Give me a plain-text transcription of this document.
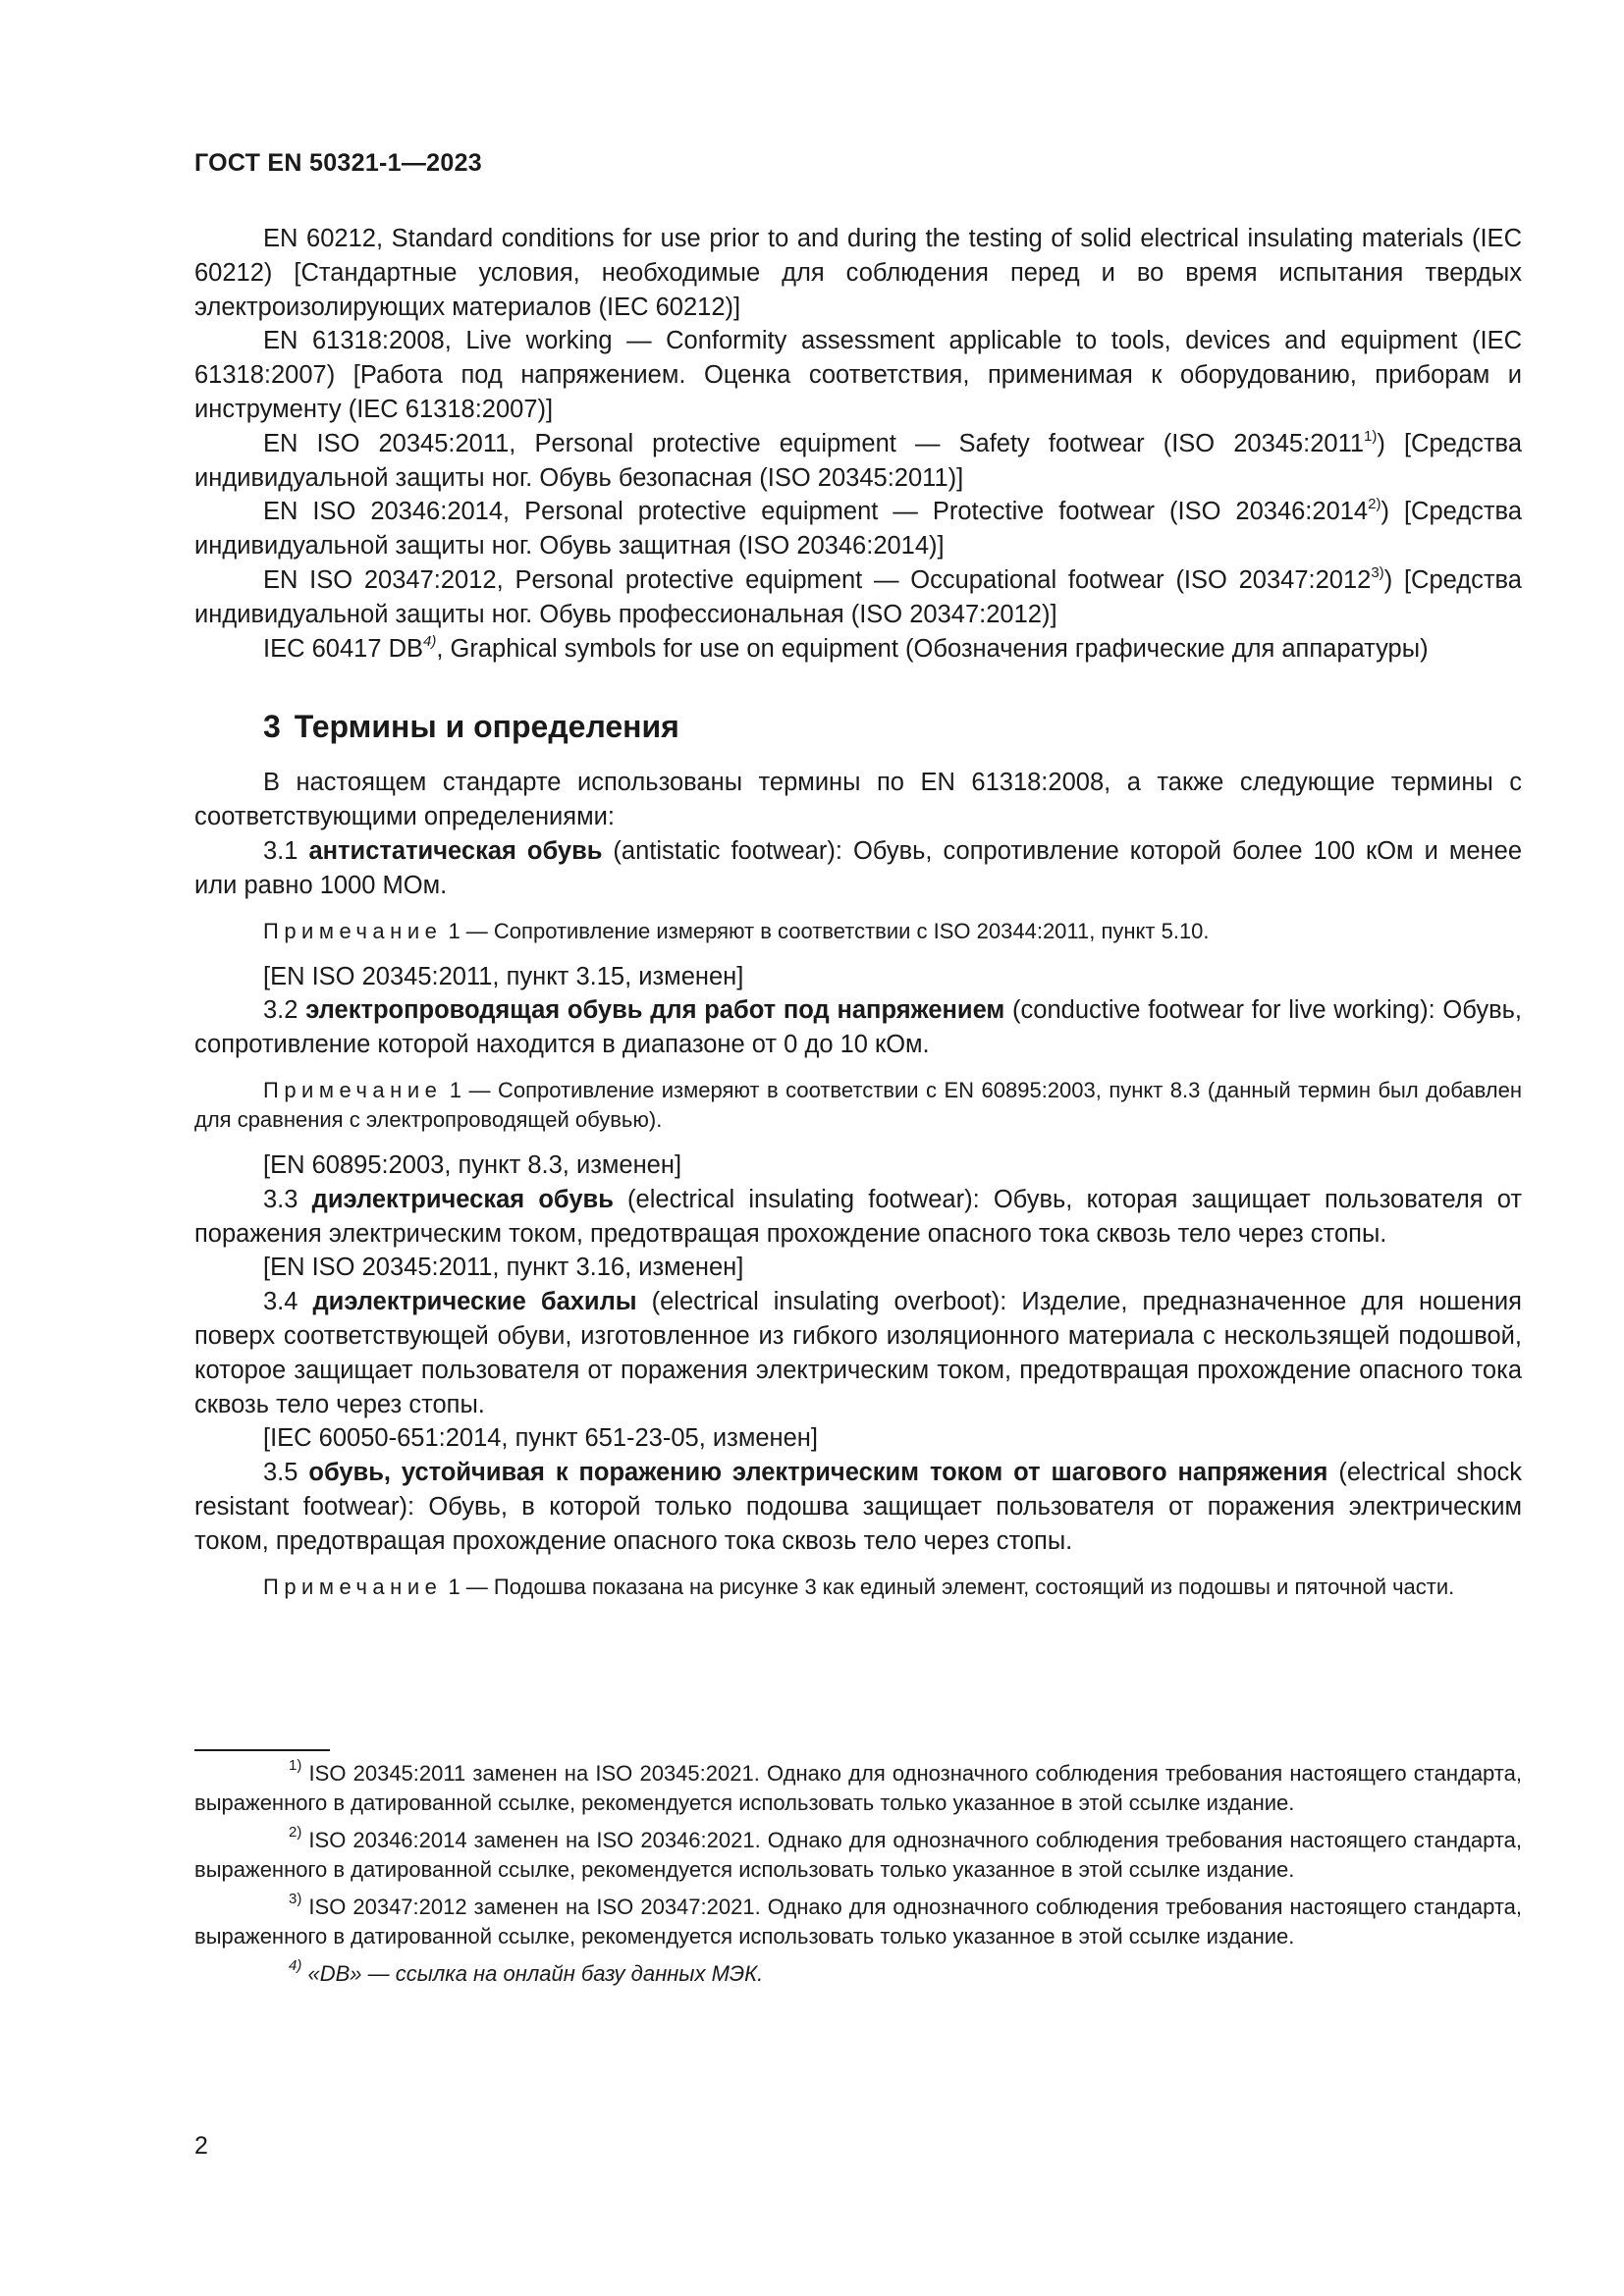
ГОСТ EN 50321-1—2023

EN 60212, Standard conditions for use prior to and during the testing of solid electrical insulating materials (IEC 60212) [Стандартные условия, необходимые для соблюдения перед и во время испытания твердых электроизолирующих материалов (IEC 60212)]

EN 61318:2008, Live working — Conformity assessment applicable to tools, devices and equipment (IEC 61318:2007) [Работа под напряжением. Оценка соответствия, применимая к оборудованию, приборам и инструменту (IEC 61318:2007)]

EN ISO 20345:2011, Personal protective equipment — Safety footwear (ISO 20345:2011$^{1)}$) [Средства индивидуальной защиты ног. Обувь безопасная (ISO 20345:2011)]

EN ISO 20346:2014, Personal protective equipment — Protective footwear (ISO 20346:2014$^{2)}$) [Средства индивидуальной защиты ног. Обувь защитная (ISO 20346:2014)]

EN ISO 20347:2012, Personal protective equipment — Occupational footwear (ISO 20347:2012$^{3)}$) [Средства индивидуальной защиты ног. Обувь профессиональная (ISO 20347:2012)]

IEC 60417 DB$^{4)}$, Graphical symbols for use on equipment (Обозначения графические для аппаратуры)

3 Термины и определения

В настоящем стандарте использованы термины по EN 61318:2008, а также следующие термины с соответствующими определениями:

3.1 антистатическая обувь (antistatic footwear): Обувь, сопротивление которой более 100 кОм и менее или равно 1000 МОм.

Примечание 1 — Сопротивление измеряют в соответствии с ISO 20344:2011, пункт 5.10.

[EN ISO 20345:2011, пункт 3.15, изменен]

3.2 электропроводящая обувь для работ под напряжением (conductive footwear for live working): Обувь, сопротивление которой находится в диапазоне от 0 до 10 кОм.

Примечание 1 — Сопротивление измеряют в соответствии с EN 60895:2003, пункт 8.3 (данный термин был добавлен для сравнения с электропроводящей обувью).

[EN 60895:2003, пункт 8.3, изменен]

3.3 диэлектрическая обувь (electrical insulating footwear): Обувь, которая защищает пользователя от поражения электрическим током, предотвращая прохождение опасного тока сквозь тело через стопы.

[EN ISO 20345:2011, пункт 3.16, изменен]

3.4 диэлектрические бахилы (electrical insulating overboot): Изделие, предназначенное для ношения поверх соответствующей обуви, изготовленное из гибкого изоляционного материала с нескользящей подошвой, которое защищает пользователя от поражения электрическим током, предотвращая прохождение опасного тока сквозь тело через стопы.

[IEC 60050-651:2014, пункт 651-23-05, изменен]

3.5 обувь, устойчивая к поражению электрическим током от шагового напряжения (electrical shock resistant footwear): Обувь, в которой только подошва защищает пользователя от поражения электрическим током, предотвращая прохождение опасного тока сквозь тело через стопы.

Примечание 1 — Подошва показана на рисунке 3 как единый элемент, состоящий из подошвы и пяточной части.

$^{1)}$ ISO 20345:2011 заменен на ISO 20345:2021. Однако для однозначного соблюдения требования настоящего стандарта, выраженного в датированной ссылке, рекомендуется использовать только указанное в этой ссылке издание.

$^{2)}$ ISO 20346:2014 заменен на ISO 20346:2021. Однако для однозначного соблюдения требования настоящего стандарта, выраженного в датированной ссылке, рекомендуется использовать только указанное в этой ссылке издание.

$^{3)}$ ISO 20347:2012 заменен на ISO 20347:2021. Однако для однозначного соблюдения требования настоящего стандарта, выраженного в датированной ссылке, рекомендуется использовать только указанное в этой ссылке издание.

$^{4)}$ «DB» — ссылка на онлайн базу данных МЭК.

2
